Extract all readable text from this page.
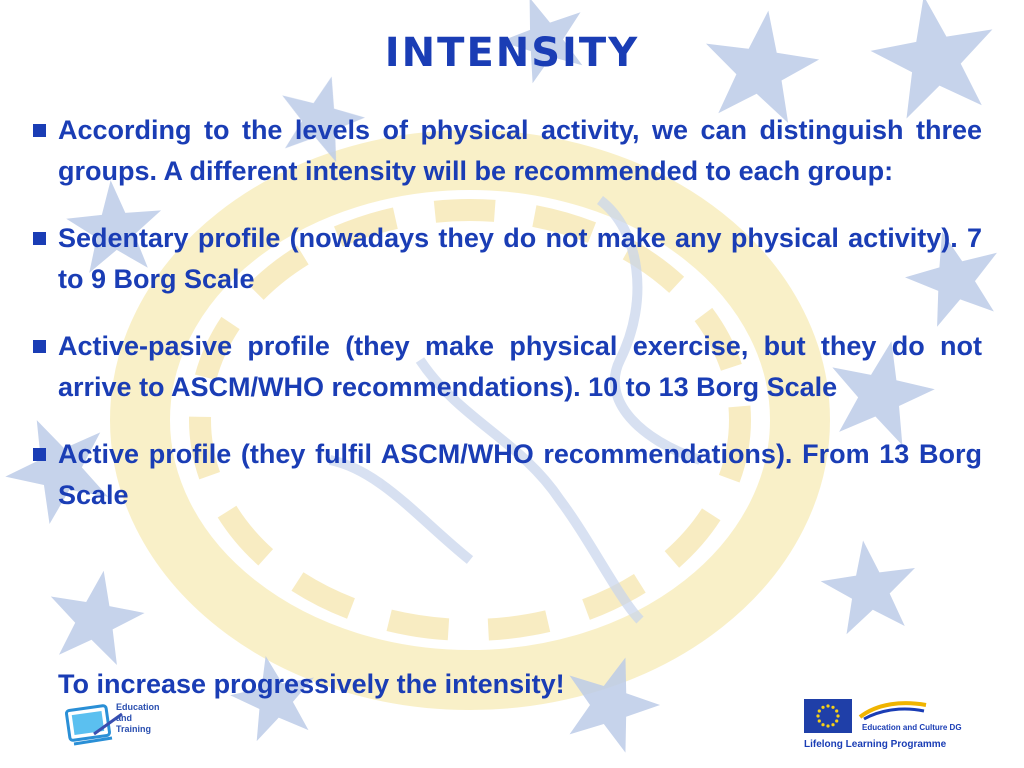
INTENSITY
According to the levels of physical activity, we can distinguish three groups. A different intensity will be recommended to each group:
Sedentary profile (nowadays they do not make any physical activity). 7 to 9 Borg Scale
Active-pasive profile (they make physical exercise, but they do not arrive to ASCM/WHO recommendations). 10 to 13 Borg Scale
Active profile (they fulfil ASCM/WHO recommendations). From 13 Borg Scale

To increase progressively the intensity!

Education
and
Training	Education and Culture DG
Lifelong Learning Programme
